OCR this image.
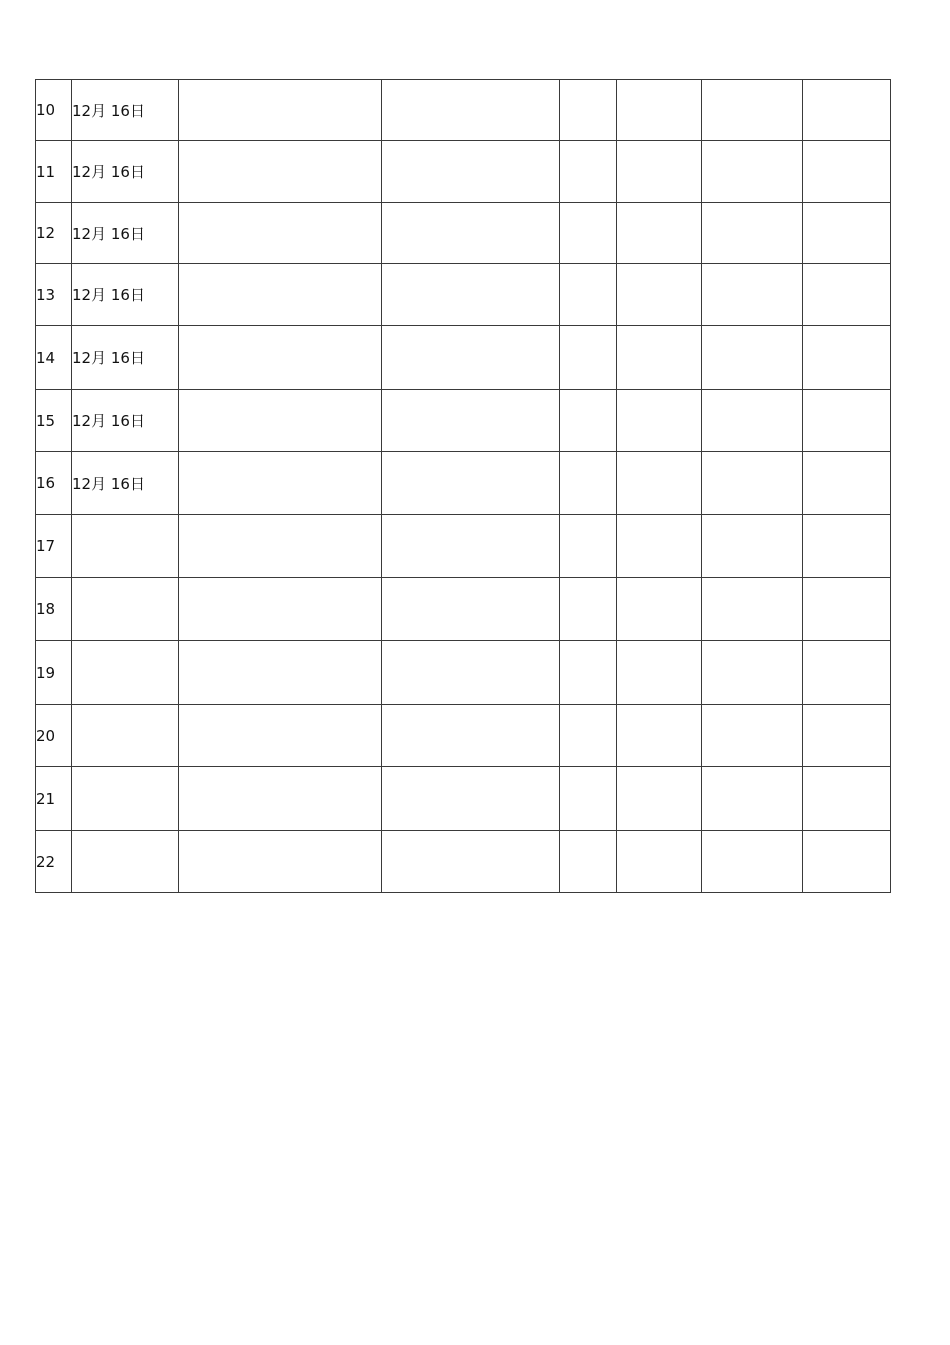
10	12月 16日						
11	12月 16日						
12	12月 16日						
13	12月 16日						
14	12月 16日						
15	12月 16日						
16	12月 16日						
17							
18							
19							
20							
21							
22							
